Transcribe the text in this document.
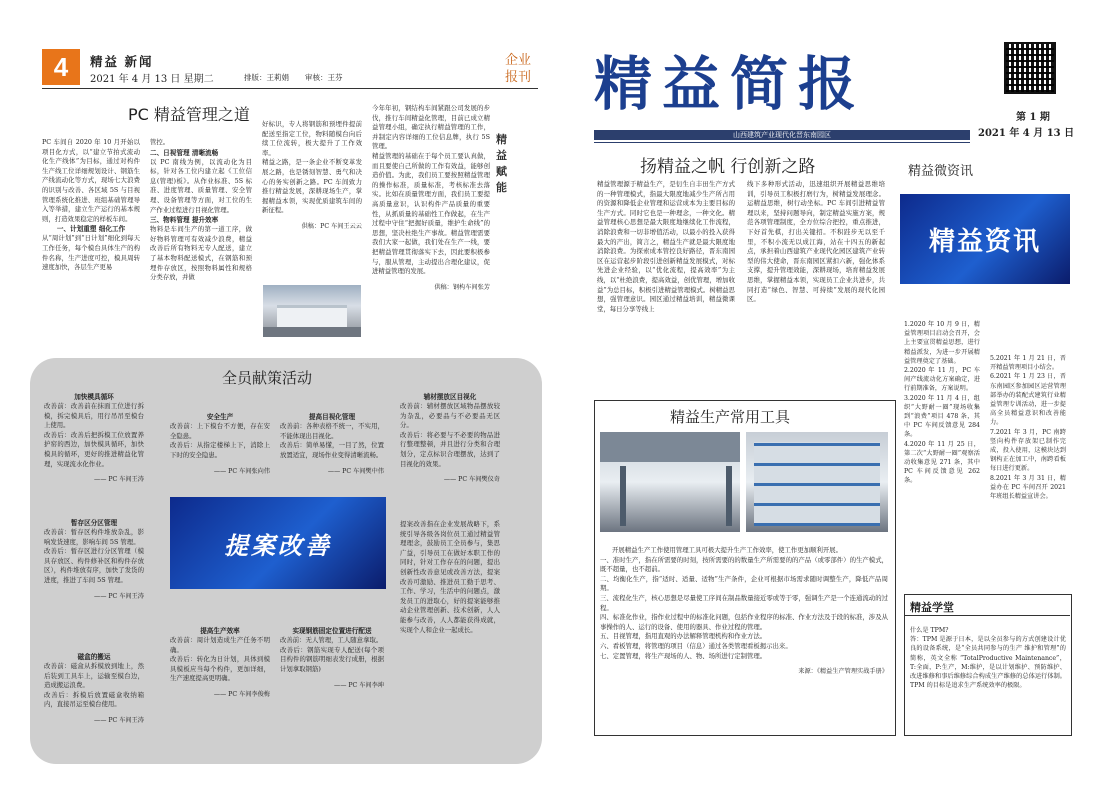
4 精益 新闻
2021 年 4 月 13 日 星期二	排版：王莉娟 审核：王芬
企业
报刊
PC 精益管理之道

PC 车间自 2020 年 10 月开始以项目化方式，以“建立节拍式流动化生产线体”为目标，通过对构件生产线工位详细规划设计、钢筋生产线流动化等方式，现场七大浪费的识别与改善、各区域 5S 与目视管理系统化推进、班组基础管理导入等举措，建立生产运行的基本规则，打造效果稳定的样板车间。

一、计划重塑 细化工作

从“周计划”到“日计划”细化到每天工作任务，每个模台具体生产的构件名称，生产进度可控，模具周转速度加快，各层生产更易

管控。

二、日视管理 清晰流畅

以 PC 南线为例，以流动化为目标，针对各工位内建立起《工位信息(管理)板》。从作业标准、5S 标准、进度管理、质量管理、安全管理、设备管理等方面，对工位的生产作业过程进行目视化管理。

三、物料管理 提升效率

物料是车间生产的第一道工序，做好物料管理可有效减少浪费，精益改善后所有物料无专人配送，建立了基本物料配送模式，在钢筋和预埋件存放区，按照物料属性和规格分类存放，并做

好标识，专人将钢筋和预埋件提前配送至指定工位，物料随模台向后续工位流转，极大提升了工作效率。

精益之路，是一条企业不断变革发展之路，也是锈刻智慧、勇气和决心的务实创新之路。PC 车间致力推行精益发展，深耕现场生产，掌握精益本领，实现优质建筑车间的新征程。

供稿：PC 车间王云云

今年年初，钢结构车间紧跟公司发展的步伐，推行车间精益化管理，目前已成立精益管理小组，确定执行精益管理的工作，并制定内容详细的工位信息牌，执行 5S 管理。

精益管理的基础在于每个员工要认真做，而且要使自己所做的工作有效益，能够创造价值。为此，我们员工要按照精益管理的操作标准，质量标准，考核标准去落实。比如在质量管理方面，我们员工要提高质量意识，认识构件产品质量的重要性，从抓质量的基础性工作做起，在生产过程中守住“把握好质量，维护生命线”的思想，坚决杜绝生产事故。精益管理需要我们大家一起做，我们处在生产一线，要把精益管理贯彻落实下去，因此要积极参与，服从管理，主动提出合理化建议，促进精益管理的发展。

供稿：钢构车间张芳

精
益
赋
能
全员献策活动
加快模具循环

改善前：改善前在抹面工位进行拆模，拆完模具后，用行吊吊至模台上使用。

改善后：改善后把拆模工位放置养护窑的西边，加快模具循环，加快模具的循环，更好的推进精益化管理，实现流水化作业。

—— PC 车间王涛

安全生产

改善前：上下模台不方便，存在安全隐患。

改善后：从指定楼梯上下，消除上下时的安全隐患。

—— PC 车间张向伟

提高目视化管理

改善前：各种表格不统一，不实用，不能体现出目视化。

改善后：简单易懂，一目了然，位置放置适宜，现场作业变得清晰流畅。

—— PC 车间樊中伟

辅材摆放区目视化

改善前：辅材摆放区域物品摆放较为杂乱，必要品与不必要品无区分。

改善后：将必要与不必要的物品进行整理整顿，并且进行分类和合理划分，定点标识合理摆放，达到了目视化的效果。

—— PC 车间樊仪奇

提案改善
暂存区分区管理

改善前：暂存区构件堆放杂乱，影响发货速度，影响车间 5S 管理。

改善后：暂存区进行分区管理（模具存放区、构件修补区和构件存放区），构件堆放有序，加快了发货的进度，推进了车间 5S 管理。

—— PC 车间王涛

提高生产效率

改善前：周计划造成生产任务不明确。

改善后：转化为日计划，具体到模具模板应当每个构件，更加详细，生产速度提高更明确。

—— PC 车间李俊梅

实现钢筋固定位置进行配送

改善前：无人管理，工人随意拿取。

改善后：钢筋实现专人配送(每个项目构件的钢筋明细表发行成册，根据计划拿取钢筋)

—— PC 车间李坤

磁盒的搬运

改善前：磁盒从拆模放到地上，然后装到工具车上，运输至模台边，造成搬运浪费。

改善后：拆模后放置磁盒收纳箱内，直接吊运至模台使用。

—— PC 车间王涛

提案改善指在企业发展战略下，系统引导各级各岗位员工通过精益管理理念，鼓励员工全员参与，集思广益，引导员工在做好本职工作的同时，针对工作存在的问题，提出创新性改善意见或改善方法，提案改善可激励、推进员工勤于思考、工作、学习，生活中的问题点，激发员工的进取心，好的提案能够推动企业管理创新、技术创新，人人能参与改善，人人都能获得成就，实现个人和企业一起成长。

精益简报	第 1 期
2021 年 4 月 13 日
山西建筑产业现代化晋东南园区
扬精益之帆 行创新之路

精益管理源于精益生产，是衍生自丰田生产方式的一种管理模式，指最大限度地减少生产所占用的资源和降低企业管理和运营成本为主要目标的生产方式。同时它也是一种理念，一种文化。精益管理核心思想是最大限度地继续化工作流程，消除浪费和一切非增值活动，以最小的投入获得最大的产出，简言之，精益生产就是最大限度地消除浪费。为探索成本管控良好路径，晋东南园区在运营起步阶段引进创新精益发展模式，对标先进企业经验，以“优化流程，提高效率”为主线，以“杜绝浪费，提高效益，创优管理，增加收益”为总目标，积极引进精益管理模式。树精益思想，强管理意识。园区通过精益培训，精益微课堂，每日分享等线上

线下多种形式活动，迅速组织开展精益思维培训，引导员工积极打磨行为，树精益发展理念。运精益思维，树行动坐标。PC 车间引进精益管理以来，坚持问题导向，制定精益实施方案，规范各项管理制度，全方位综合把控，重点推进，下好首先棋，打出关键招。不积跬步无以至千里，不积小流无以成江海，站在十四五的新起点，承担着山西建筑产业现代化园区建筑产业转型的伟大使命，晋东南园区紧扣六新，强化体系支撑，提升管理效能，深耕现场，培育精益发展思维，掌握精益本领，实现员工企业共进步，共同打造“绿色、智慧、可持续”发展的现代化园区。

精益微资讯
精益资讯

1.2020 年 10 月 9 日，精益管理项目启动会召开，会上主要宣贯精益思想，进行精益派发，为进一步开展精益管理奠定了基础。

2.2020 年 11 月，PC 车间产线流动化方案确定，进行前期准备，方案说明。

3.2020 年 11 月 4 日，组织“大野耐一圈”现场收集到“浪费”项目 478 条，其中 PC 车间反馈意见 284 条。

4.2020 年 11 月 25 日，第二次“大野耐一圈”观察活动收集意见 271 条，其中 PC 车间反馈意见 262 条。

5.2021 年 1 月 21 日，晋开精益管理项目小结会。

6.2021 年 1 月 23 日，晋东南园区参加园区运营管理部举办的装配式建筑行业精益管理专训活动，进一步提高全员精益意识和改善能力。

7.2021 年 3 月，PC 南跨竖向构件存放架已制作完成，投入使用，这模块达到钢构正在加工中，南跨看板每日进行更新。

8.2021 年 3 月 31 日，精益办在 PC 车间召开 2021 年班组长精益宣讲会。

精益生产常用工具

开展精益生产工作使用管理工具可极大提升生产工作效率，使工作更加顺利开展。

一、准时生产，指在所需要的时刻，按所需要的的数量生产所需要的的产品（或零部件）的生产模式，既不超量，也不超前。

二、均衡化生产，指“适时、适量、适物”生产条件，企业可根据市场需求随时调整生产，降低产品周期。

三、流程化生产，核心思想是尽量使工序间在制品数量接近零或等于零，强调生产是一个连通流动的过程。

四、标准化作业，指作业过程中的标准化问题，包括作业程序的标准、作业方法及于段的标准，涉及从事操作的人、运行的设备、使用的器具、作业过程的管理。

五、目视管理，指用直观的办法解释管理机构和作业方法。

六、看板管理，将管理的项目（信息）通过各类管理看板揭示出来。

七、定置管理，将生产现场的人、物、场所进行定制管理。

来源：《精益生产管理实战手册》

精益学堂

什么是 TPM?

答：TPM 是源于日本，是以全员参与的方式创建设计优良的设备系统，是“全员共同参与的生产 维护和管理”的简称，英文全称 “TotalProductive Maintenance”，T:全面，P:生产，M:维护，是以计划维护、预防维护、改进维修和事后维修综合构成生产维修的总体运行体制。TPM 的目标是追求生产系统效率的极限。
